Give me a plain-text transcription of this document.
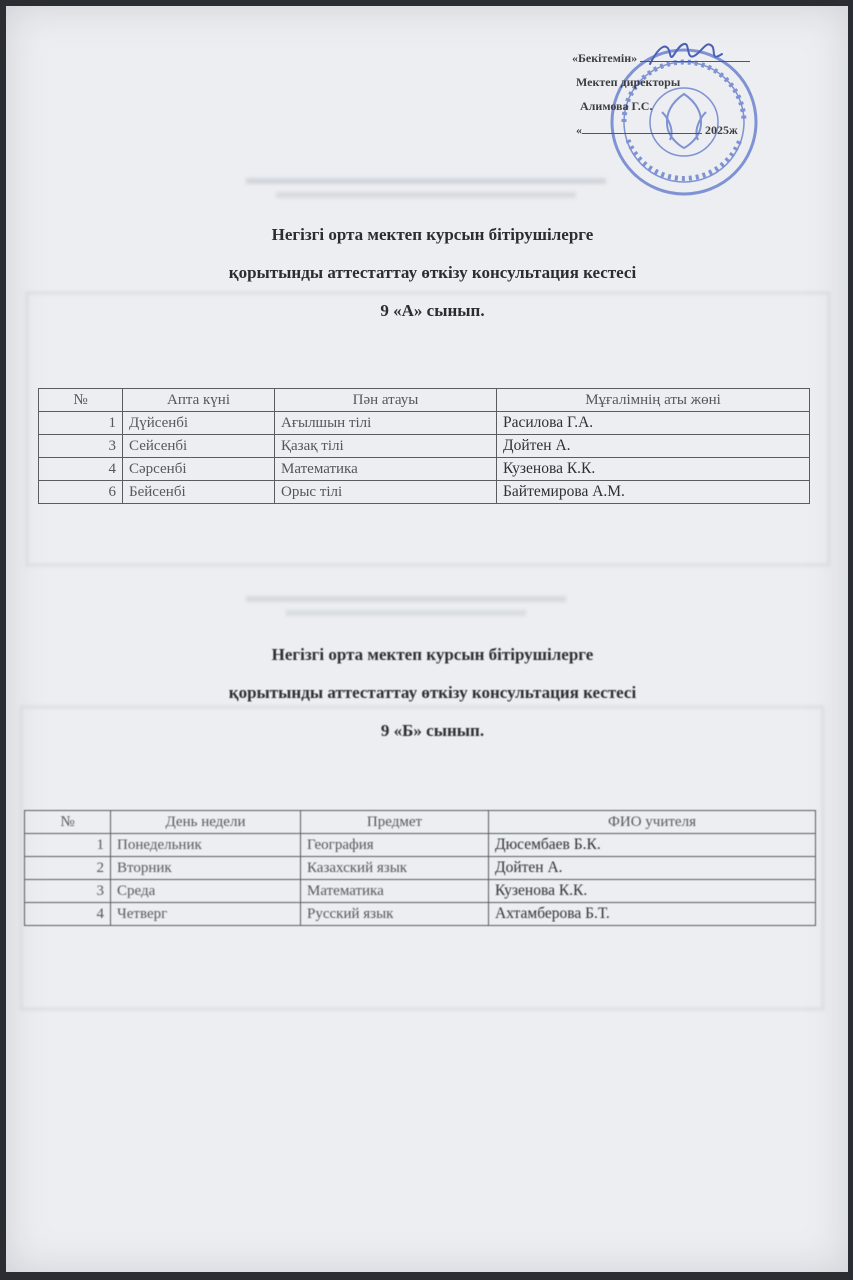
«Бекітемін»
Мектеп директоры
Алимова Г.С.
«	2025ж
Негізгі орта мектеп курсын бітірушілерге
қорытынды аттестаттау өткізу консультация кестесі
9 «А» сынып.
№	Апта күні	Пән атауы	Мұғалімнің аты жөні
1	Дүйсенбі	Ағылшын тілі	Расилова Г.А.
3	Сейсенбі	Қазақ тілі	Дойтен А.
4	Сәрсенбі	Математика	Кузенова К.К.
6	Бейсенбі	Орыс тілі	Байтемирова А.М.
Негізгі орта мектеп курсын бітірушілерге
қорытынды аттестаттау өткізу консультация кестесі
9 «Б» сынып.
№	День недели	Предмет	ФИО учителя
1	Понедельник	География	Дюсембаев Б.К.
2	Вторник	Казахский язык	Дойтен А.
3	Среда	Математика	Кузенова К.К.
4	Четверг	Русский язык	Ахтамберова Б.Т.
